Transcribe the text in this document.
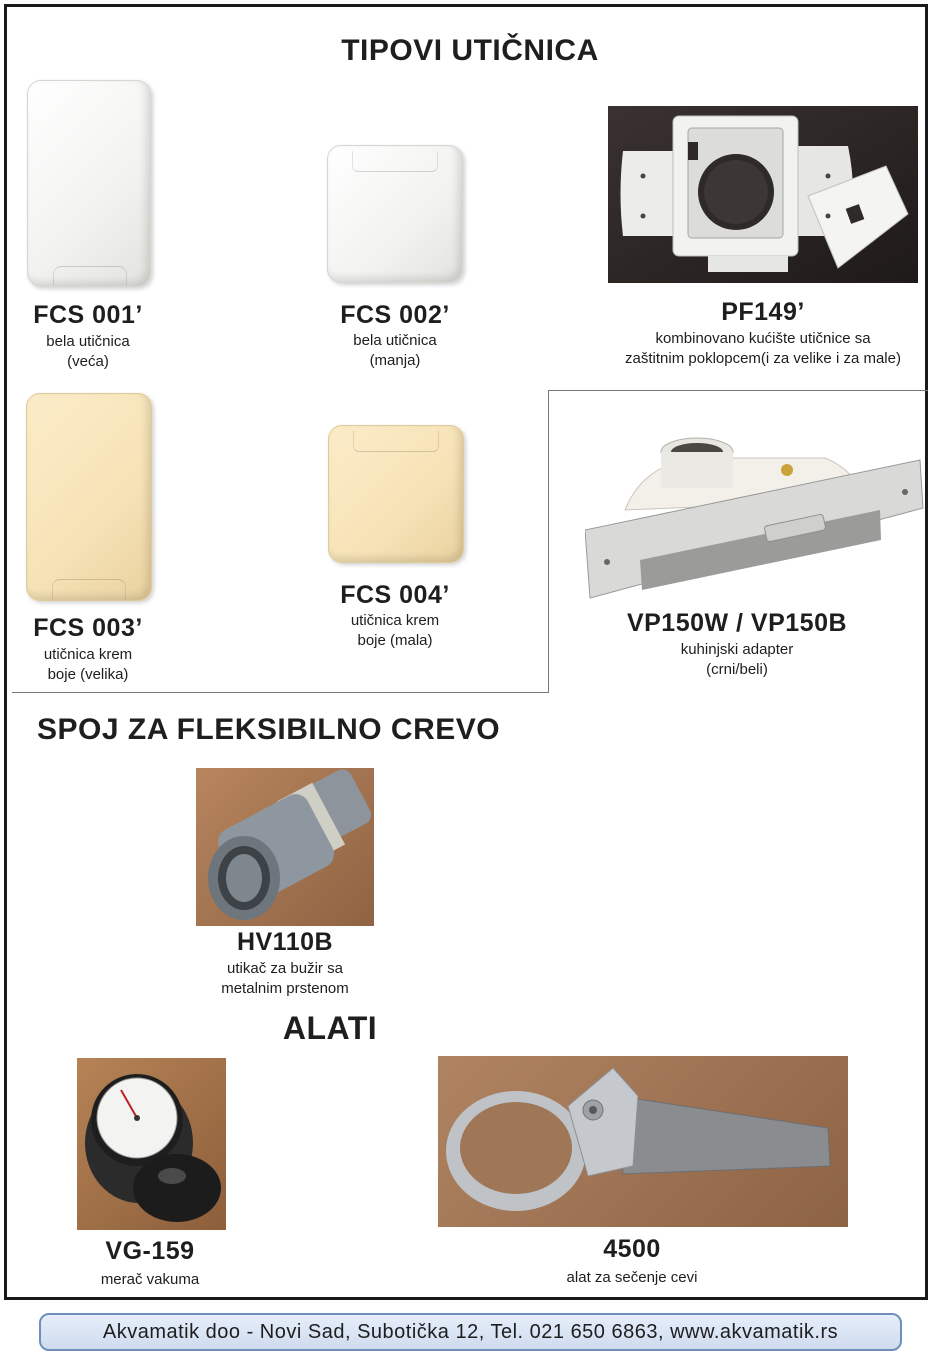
TIPOVI UTIČNICA
FCS 001’
bela utičnica
(veća)
FCS 002’
bela utičnica
(manja)
PF149’
kombinovano kućište utičnice sa
zaštitnim poklopcem(i za velike i za male)
FCS 003’
utičnica krem
boje (velika)
FCS 004’
utičnica krem
boje (mala)
VP150W / VP150B
kuhinjski adapter
(crni/beli)
SPOJ ZA FLEKSIBILNO CREVO
HV110B
utikač za bužir sa
metalnim prstenom
ALATI
VG-159
merač vakuma
4500
alat za sečenje cevi
Akvamatik doo - Novi Sad, Subotička 12, Tel. 021 650 6863, www.akvamatik.rs
